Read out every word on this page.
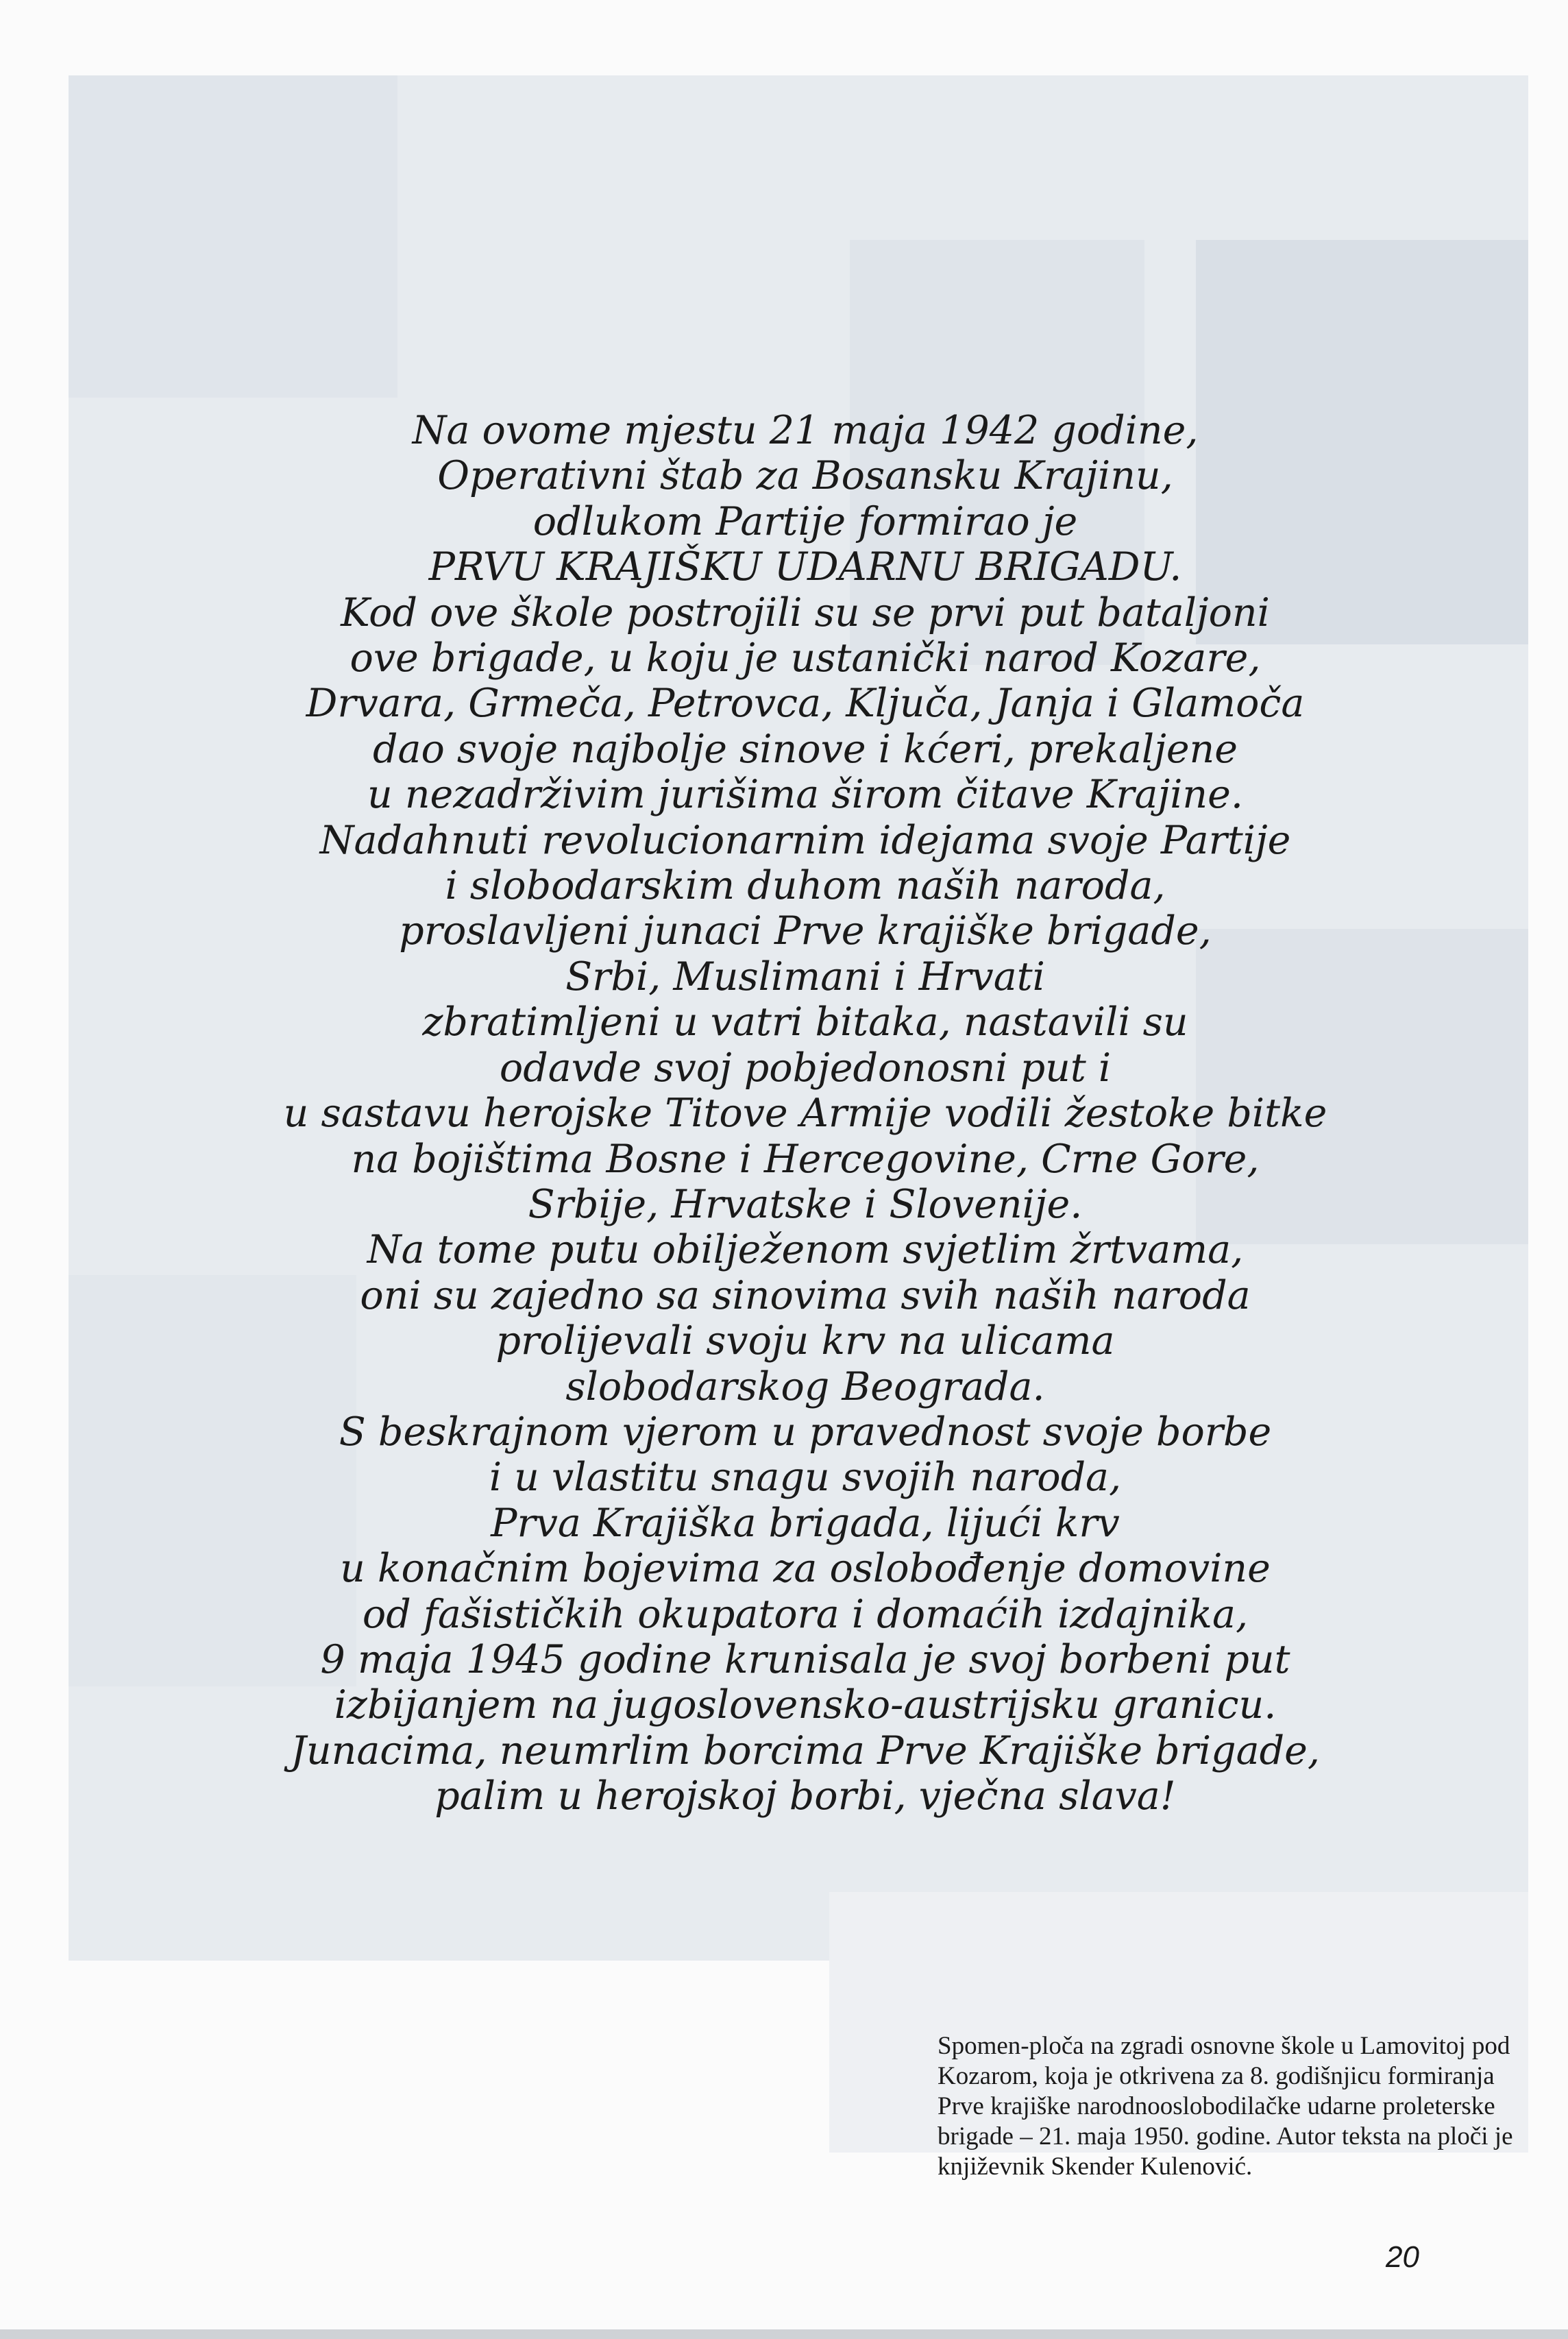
Na ovome mjestu 21 maja 1942 godine,
Operativni štab za Bosansku Krajinu,
odlukom Partije formirao je
PRVU KRAJIŠKU UDARNU BRIGADU.
Kod ove škole postrojili su se prvi put bataljoni
ove brigade, u koju je ustanički narod Kozare,
Drvara, Grmeča, Petrovca, Ključa, Janja i Glamoča
dao svoje najbolje sinove i kćeri, prekaljene
u nezadrživim jurišima širom čitave Krajine.
Nadahnuti revolucionarnim idejama svoje Partije
i slobodarskim duhom naših naroda,
proslavljeni junaci Prve krajiške brigade,
Srbi, Muslimani i Hrvati
zbratimljeni u vatri bitaka, nastavili su
odavde svoj pobjedonosni put i
u sastavu herojske Titove Armije vodili žestoke bitke
na bojištima Bosne i Hercegovine, Crne Gore,
Srbije, Hrvatske i Slovenije.
Na tome putu obilježenom svjetlim žrtvama,
oni su zajedno sa sinovima svih naših naroda
prolijevali svoju krv na ulicama
slobodarskog Beograda.
S beskrajnom vjerom u pravednost svoje borbe
i u vlastitu snagu svojih naroda,
Prva Krajiška brigada, lijući krv
u konačnim bojevima za oslobođenje domovine
od fašističkih okupatora i domaćih izdajnika,
9 maja 1945 godine krunisala je svoj borbeni put
izbijanjem na jugoslovensko-austrijsku granicu.
Junacima, neumrlim borcima Prve Krajiške brigade,
palim u herojskoj borbi, vječna slava!

Spomen-ploča na zgradi osnovne škole u Lamovitoj pod Kozarom, koja je otkrivena za 8. godišnjicu formiranja Prve krajiške narodnooslobodilačke udarne proleterske brigade – 21. maja 1950. godine. Autor teksta na ploči je književnik Skender Kulenović.

20
